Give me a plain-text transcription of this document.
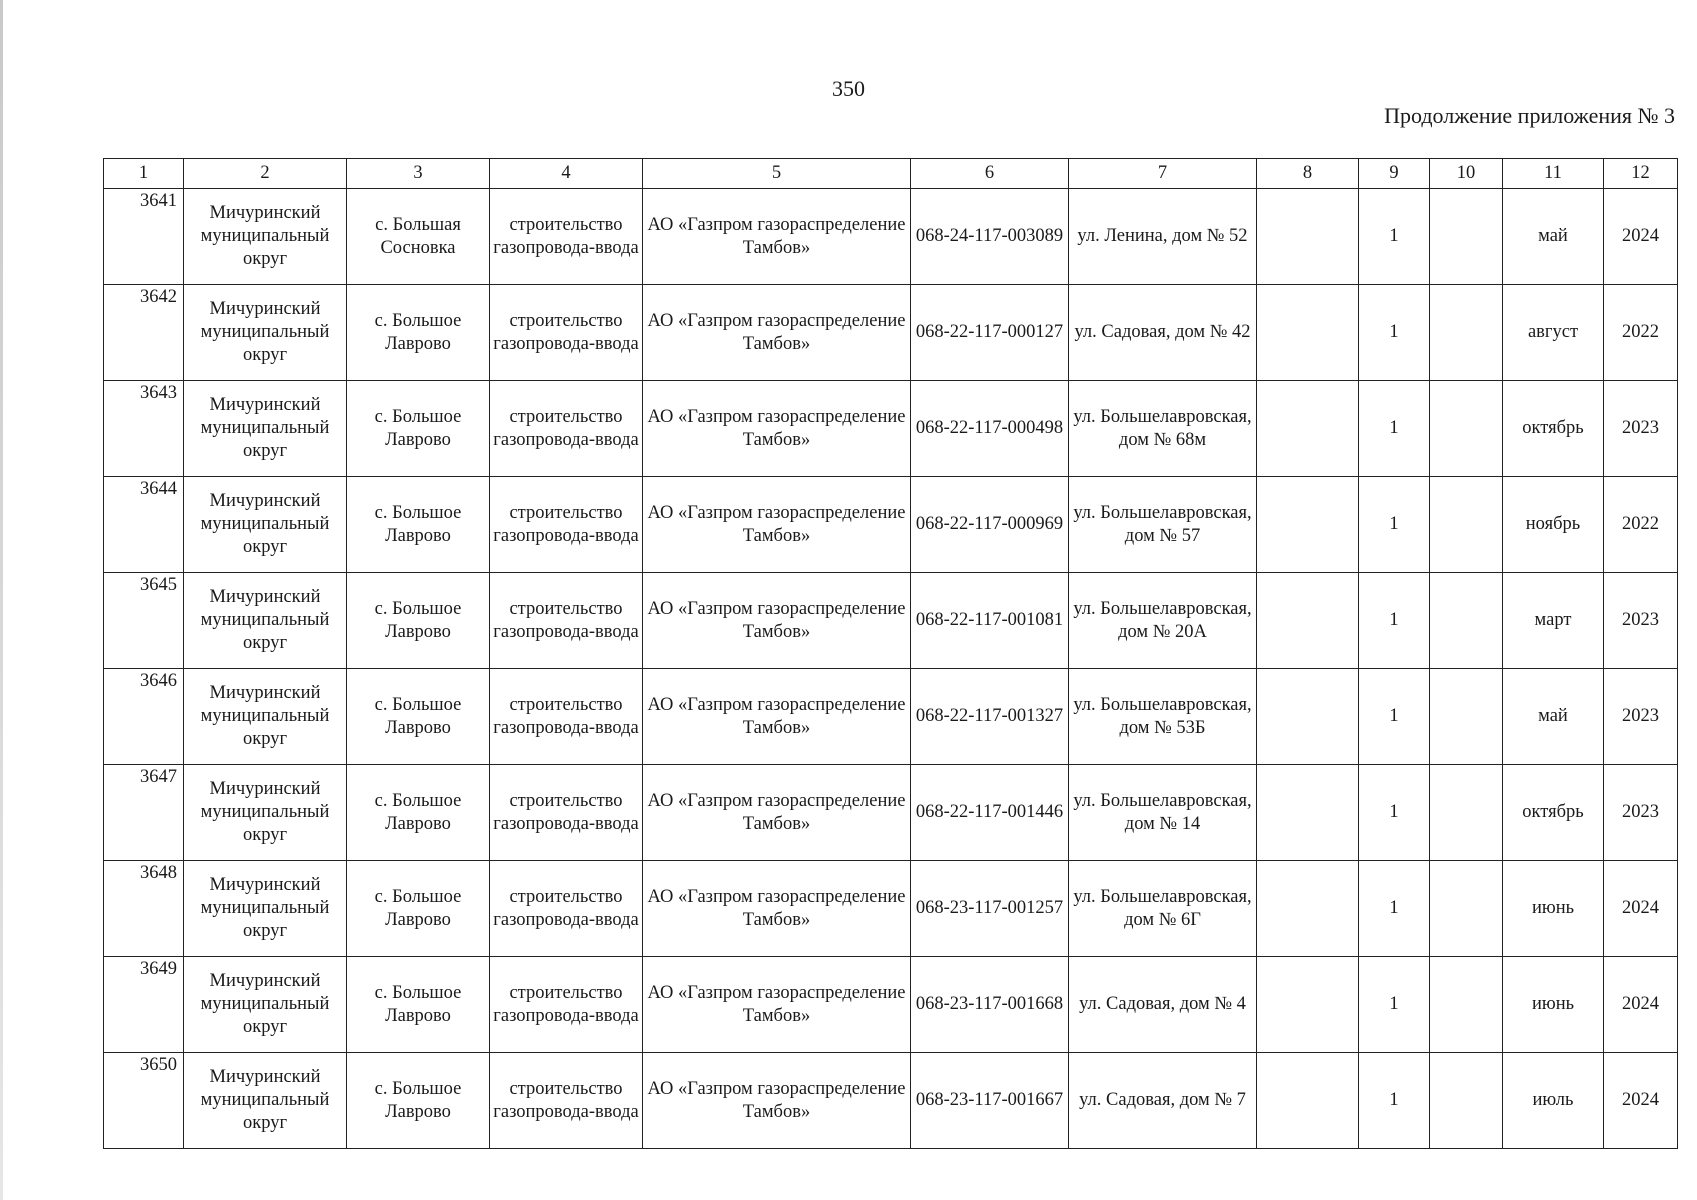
350
Продолжение приложения № 3
1	2	3	4	5	6	7	8	9	10	11	12
3641	Мичуринский муниципальный округ	с. Большая Сосновка	строительство газопровода-ввода	АО «Газпром газораспределение Тамбов»	068-24-117-003089	ул. Ленина, дом № 52		1		май	2024
3642	Мичуринский муниципальный округ	с. Большое Лаврово	строительство газопровода-ввода	АО «Газпром газораспределение Тамбов»	068-22-117-000127	ул. Садовая, дом № 42		1		август	2022
3643	Мичуринский муниципальный округ	с. Большое Лаврово	строительство газопровода-ввода	АО «Газпром газораспределение Тамбов»	068-22-117-000498	ул. Большелавровская, дом № 68м		1		октябрь	2023
3644	Мичуринский муниципальный округ	с. Большое Лаврово	строительство газопровода-ввода	АО «Газпром газораспределение Тамбов»	068-22-117-000969	ул. Большелавровская, дом № 57		1		ноябрь	2022
3645	Мичуринский муниципальный округ	с. Большое Лаврово	строительство газопровода-ввода	АО «Газпром газораспределение Тамбов»	068-22-117-001081	ул. Большелавровская, дом № 20А		1		март	2023
3646	Мичуринский муниципальный округ	с. Большое Лаврово	строительство газопровода-ввода	АО «Газпром газораспределение Тамбов»	068-22-117-001327	ул. Большелавровская, дом № 53Б		1		май	2023
3647	Мичуринский муниципальный округ	с. Большое Лаврово	строительство газопровода-ввода	АО «Газпром газораспределение Тамбов»	068-22-117-001446	ул. Большелавровская, дом № 14		1		октябрь	2023
3648	Мичуринский муниципальный округ	с. Большое Лаврово	строительство газопровода-ввода	АО «Газпром газораспределение Тамбов»	068-23-117-001257	ул. Большелавровская, дом № 6Г		1		июнь	2024
3649	Мичуринский муниципальный округ	с. Большое Лаврово	строительство газопровода-ввода	АО «Газпром газораспределение Тамбов»	068-23-117-001668	ул. Садовая, дом № 4		1		июнь	2024
3650	Мичуринский муниципальный округ	с. Большое Лаврово	строительство газопровода-ввода	АО «Газпром газораспределение Тамбов»	068-23-117-001667	ул. Садовая, дом № 7		1		июль	2024
